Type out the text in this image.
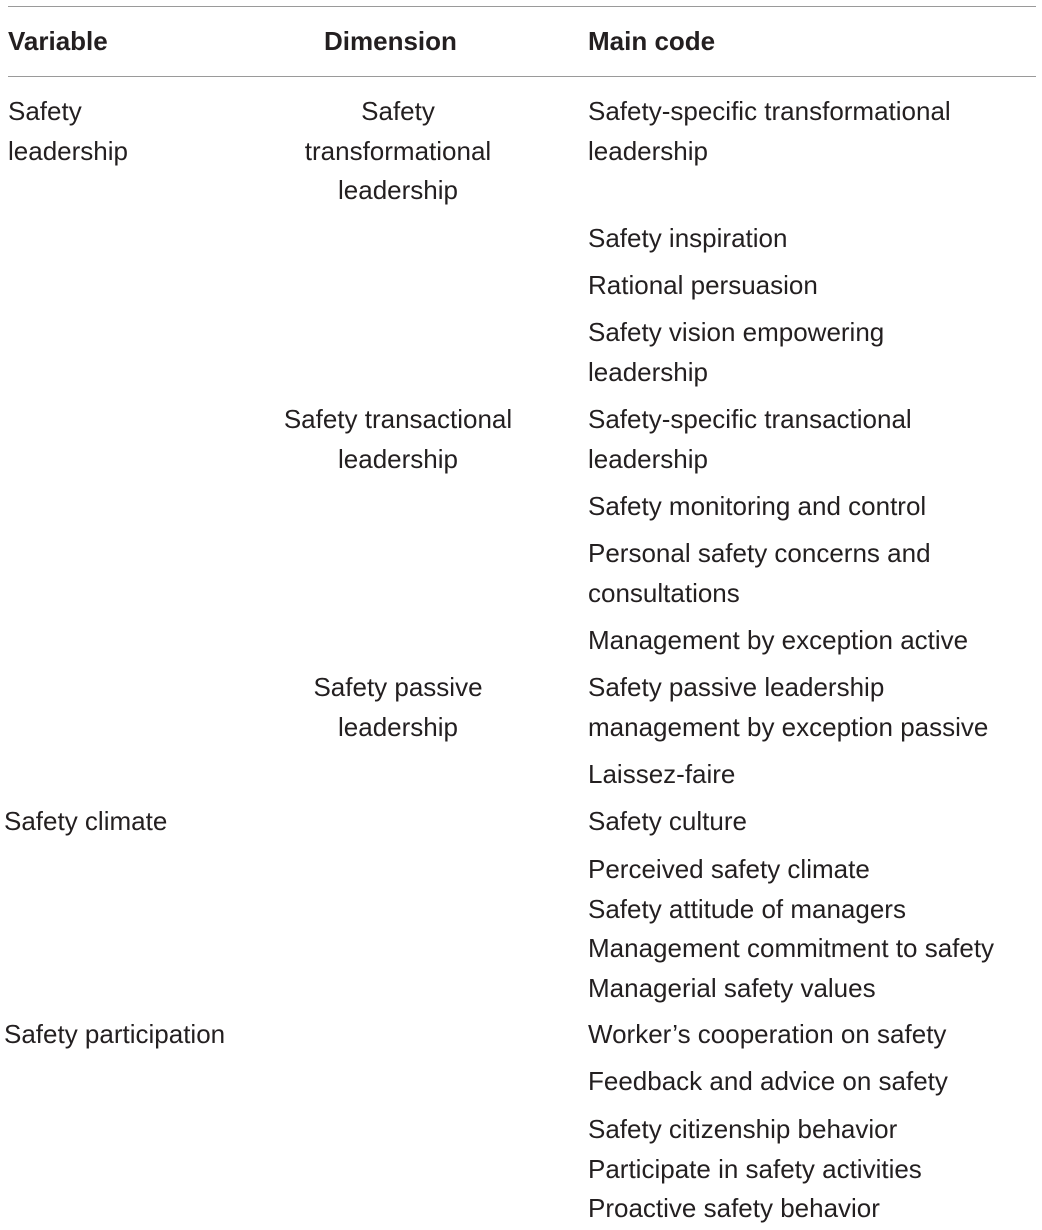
Variable	Dimension	Main code
Safety
leadership
Safety climate
Safety participation
Safety
transformational
leadership
Safety transactional
leadership
Safety passive
leadership
Safety-specific transformational
leadership
Safety inspiration
Rational persuasion
Safety vision empowering
leadership
Safety-specific transactional
leadership
Safety monitoring and control
Personal safety concerns and
consultations
Management by exception active
Safety passive leadership
management by exception passive
Laissez-faire
Safety culture
Perceived safety climate
Safety attitude of managers
Management commitment to safety
Managerial safety values
Worker’s cooperation on safety
Feedback and advice on safety
Safety citizenship behavior
Participate in safety activities
Proactive safety behavior
